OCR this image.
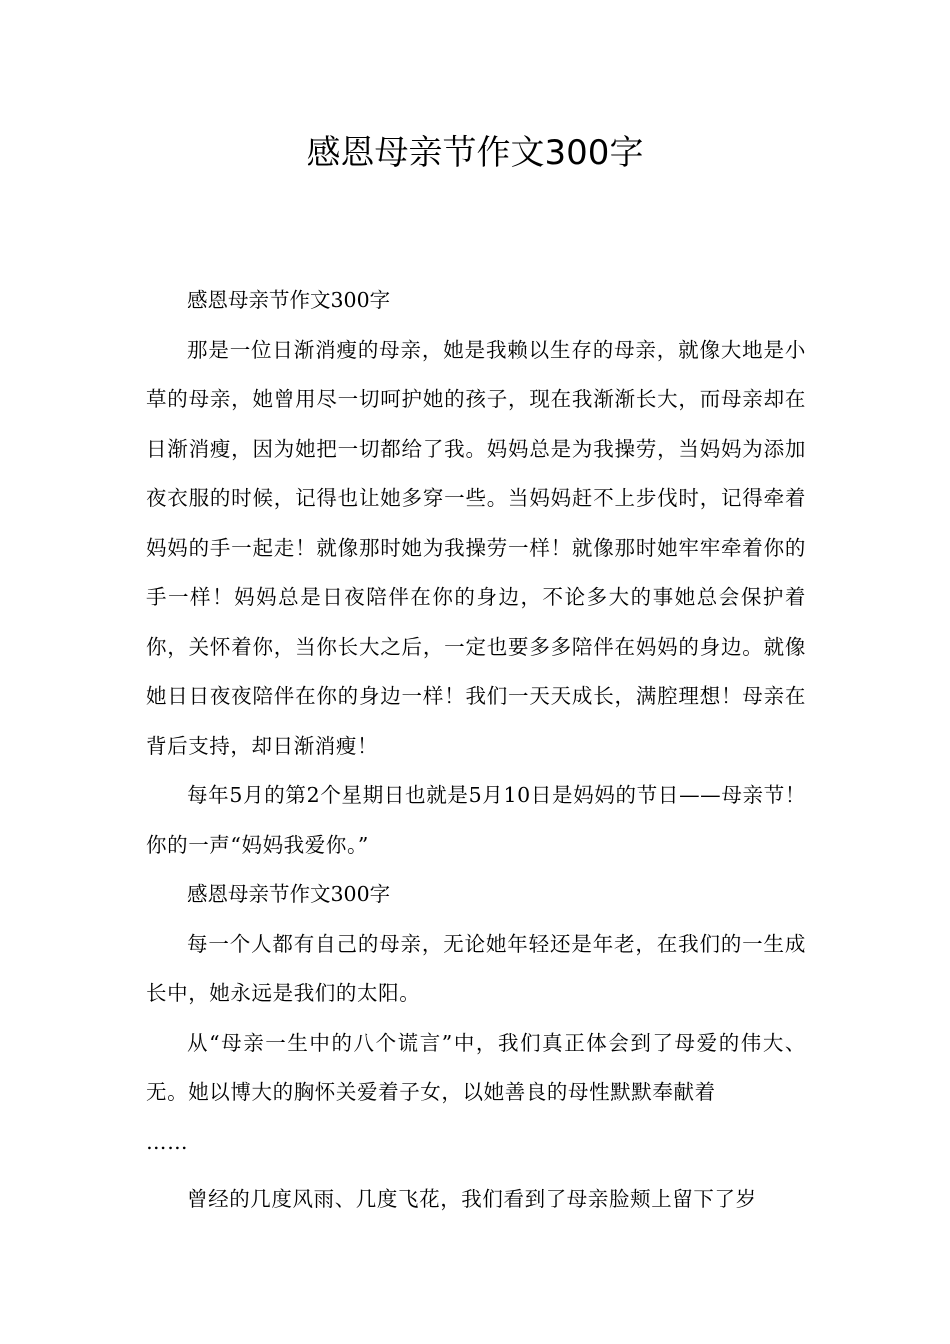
感恩母亲节作文300字

感恩母亲节作文300字

那是一位日渐消瘦的母亲，她是我赖以生存的母亲，就像大地是小草的母亲，她曾用尽一切呵护她的孩子，现在我渐渐长大，而母亲却在日渐消瘦，因为她把一切都给了我。妈妈总是为我操劳，当妈妈为添加夜衣服的时候，记得也让她多穿一些。当妈妈赶不上步伐时，记得牵着妈妈的手一起走！就像那时她为我操劳一样！就像那时她牢牢牵着你的手一样！妈妈总是日夜陪伴在你的身边，不论多大的事她总会保护着你，关怀着你，当你长大之后，一定也要多多陪伴在妈妈的身边。就像她日日夜夜陪伴在你的身边一样！我们一天天成长，满腔理想！母亲在背后支持，却日渐消瘦！

每年5月的第2个星期日也就是5月10日是妈妈的节日——母亲节！你的一声“妈妈我爱你。”

感恩母亲节作文300字

每一个人都有自己的母亲，无论她年轻还是年老，在我们的一生成长中，她永远是我们的太阳。

从“母亲一生中的八个谎言”中，我们真正体会到了母爱的伟大、无。她以博大的胸怀关爱着子女，以她善良的母性默默奉献着

……

曾经的几度风雨、几度飞花，我们看到了母亲脸颊上留下了岁
